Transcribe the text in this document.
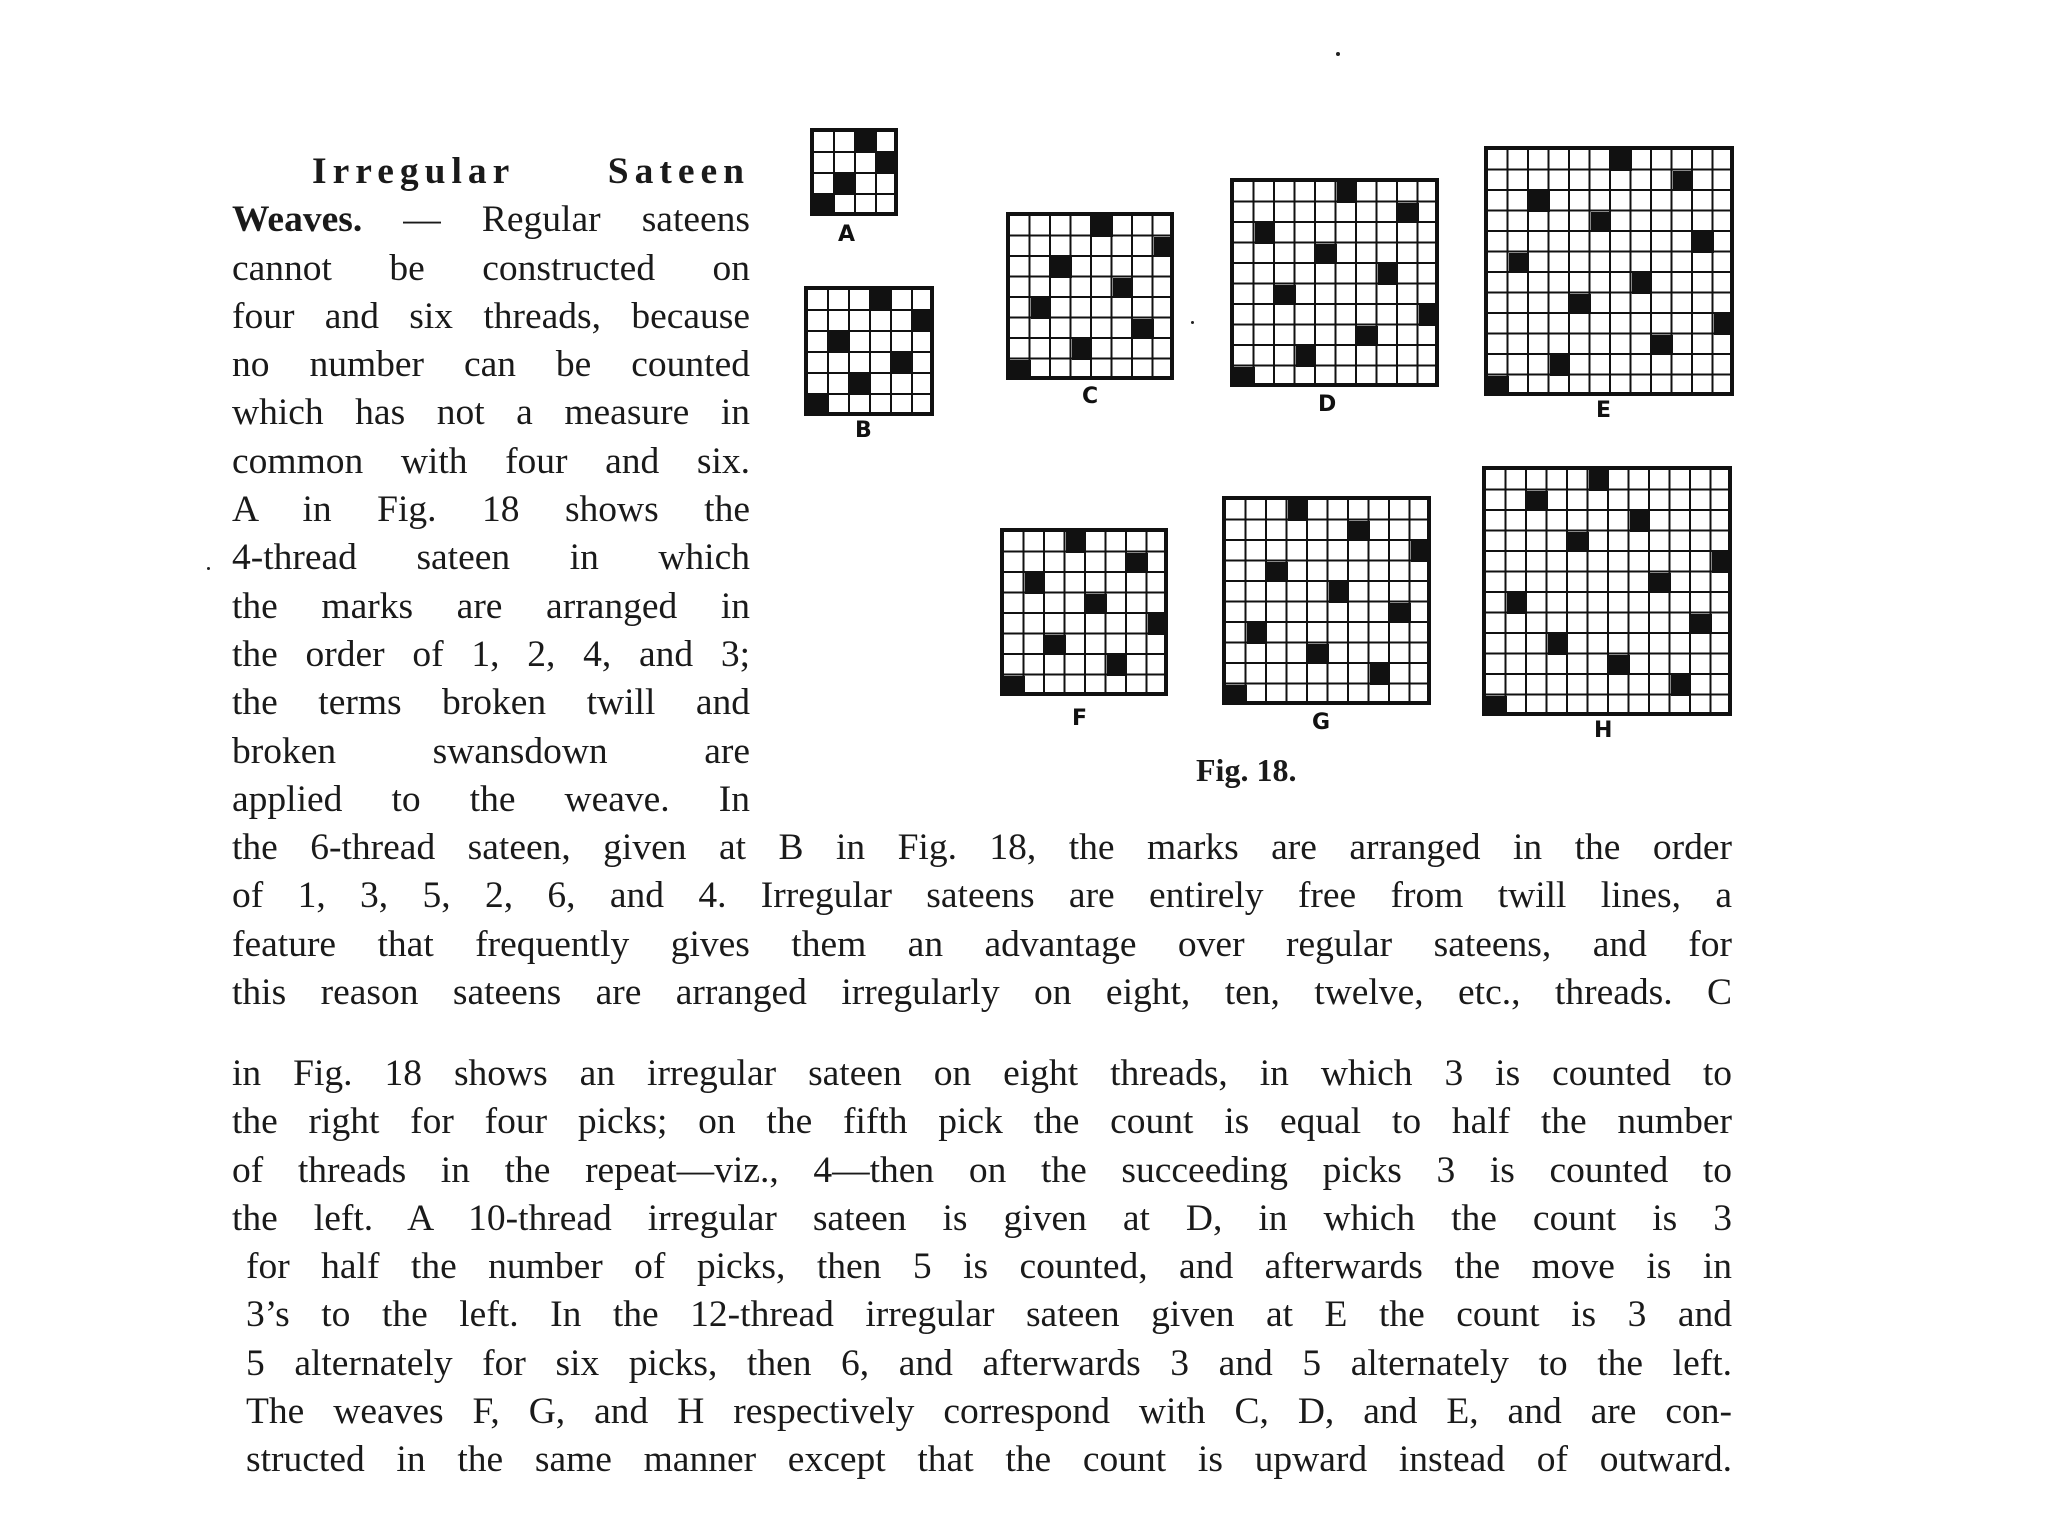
Irregular Sateen
Weaves. — Regular sateens
cannot be constructed on
four and six threads, because
no number can be counted
which has not a measure in
common with four and six.
A in Fig. 18 shows the
4-thread sateen in which
the marks are arranged in
the order of 1, 2, 4, and 3;
the terms broken twill and
broken swansdown are
applied to the weave. In
the 6-thread sateen, given at B in Fig. 18, the marks are arranged in the order
of 1, 3, 5, 2, 6, and 4. Irregular sateens are entirely free from twill lines, a
feature that frequently gives them an advantage over regular sateens, and for
this reason sateens are arranged irregularly on eight, ten, twelve, etc., threads. C
in Fig. 18 shows an irregular sateen on eight threads, in which 3 is counted to
the right for four picks; on the fifth pick the count is equal to half the number
of threads in the repeat—viz., 4—then on the succeeding picks 3 is counted to
the left. A 10-thread irregular sateen is given at D, in which the count is 3
for half the number of picks, then 5 is counted, and afterwards the move is in
3’s to the left. In the 12-thread irregular sateen given at E the count is 3 and
5 alternately for six picks, then 6, and afterwards 3 and 5 alternately to the left.
The weaves F, G, and H respectively correspond with C, D, and E, and are con-
structed in the same manner except that the count is upward instead of outward.
A
B
C	D	E
F	G	H
Fig. 18.
